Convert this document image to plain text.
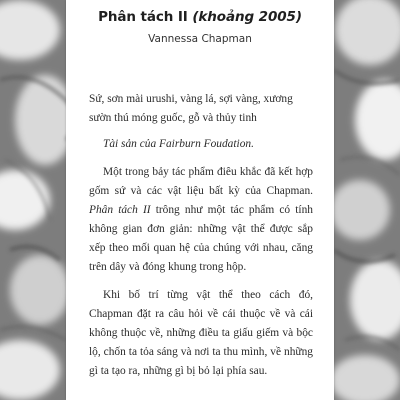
Phân tách II (khoảng 2005)
Vannessa Chapman

Sứ, sơn mài urushi, vàng lá, sợi vàng, xương sườn thú móng guốc, gỗ và thủy tinh

Tài sản của Fairburn Foudation.

Một trong bảy tác phẩm điêu khắc đã kết hợp gốm sứ và các vật liệu bất kỳ của Chapman. Phân tách II trông như một tác phẩm có tính không gian đơn giản: những vật thể được sắp xếp theo mối quan hệ của chúng với nhau, căng trên dây và đóng khung trong hộp.

Khi bố trí từng vật thể theo cách đó, Chapman đặt ra câu hỏi về cái thuộc về và cái không thuộc về, những điều ta giấu giếm và bộc lộ, chốn ta tỏa sáng và nơi ta thu mình, về những gì ta tạo ra, những gì bị bỏ lại phía sau.
